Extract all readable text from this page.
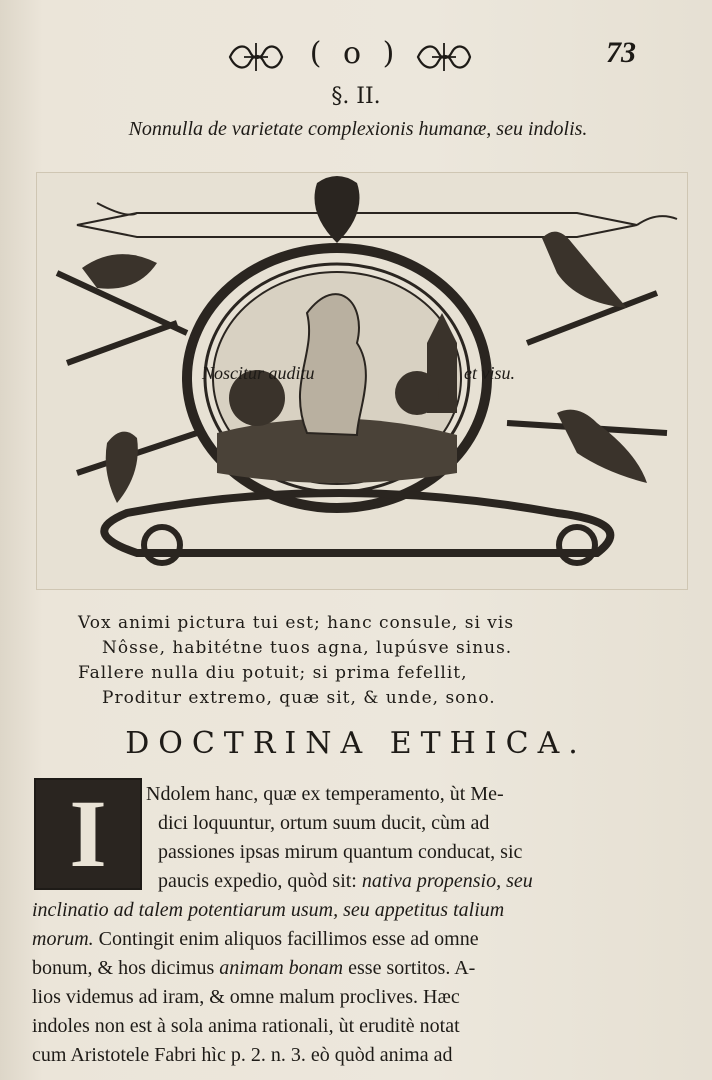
( o )	73
§. II.
Nonnulla de varietate complexionis humanæ, seu indolis.
Noscitur auditu	et visu.
Vox animi pictura tui est; hanc consule, si vis
Nôsse, habitétne tuos agna, lupúsve sinus.
Fallere nulla diu potuit; si prima fefellit,
Proditur extremo, quæ sit, & unde, sono.
DOCTRINA ETHICA.
I	Ndolem hanc, quæ ex temperamento, ùt Me-
dici loquuntur, ortum suum ducit, cùm ad
passiones ipsas mirum quantum conducat, sic
paucis expedio, quòd sit: nativa propensio, seu
inclinatio ad talem potentiarum usum, seu appetitus talium
morum. Contingit enim aliquos facillimos esse ad omne
bonum, & hos dicimus animam bonam esse sortitos. A-
lios videmus ad iram, & omne malum proclives. Hæc
indoles non est à sola anima rationali, ùt eruditè notat
cum Aristotele Fabri hìc p. 2. n. 3. eò quòd anima ad
